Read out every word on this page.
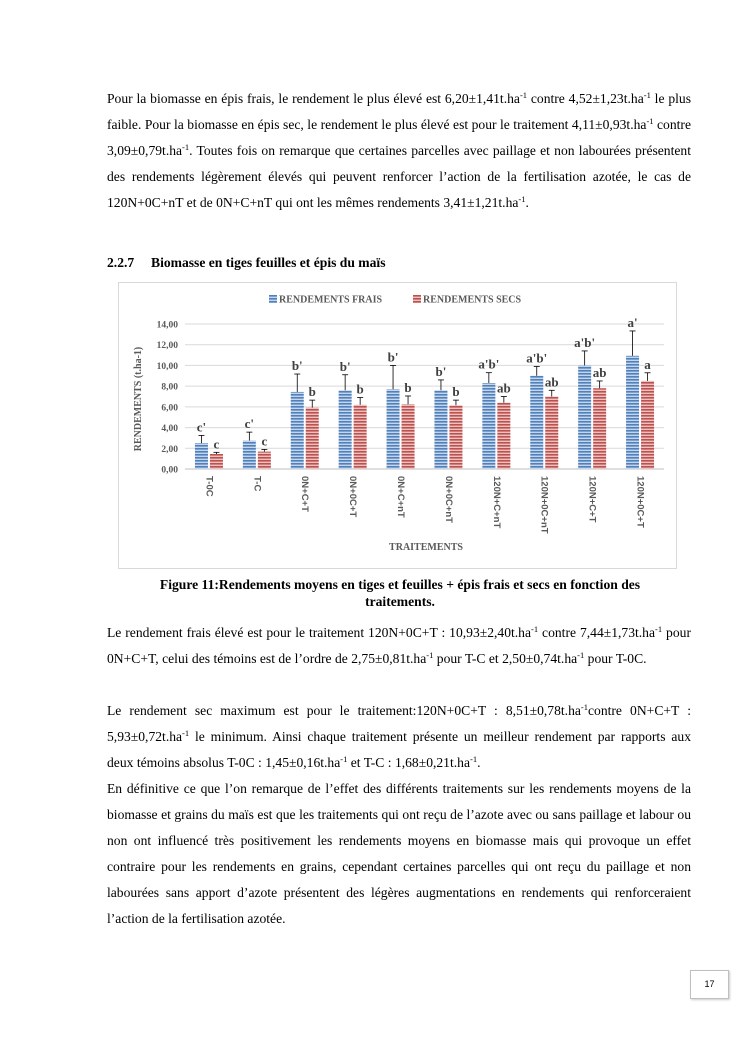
Pour la biomasse en épis frais, le rendement le plus élevé est $6,20\pm 1,41t.ha^{-1}$ contre $4,52\pm 1,23t.ha^{-1}$ le plus faible. Pour la biomasse en épis sec, le rendement le plus élevé est pour le traitement $4,11\pm 0,93t.ha^{-1}$ contre $3,09\pm 0,79t.ha^{-1}$. Toutes fois on remarque que certaines parcelles avec paillage et non labourées présentent des rendements légèrement élevés qui peuvent renforcer l’action de la fertilisation azotée, le cas de 120N+0C+nT et de 0N+C+nT qui ont les mêmes rendements $3,41\pm 1,21t.ha^{-1}$.

2.2.7 Biomasse en tiges feuilles et épis du maïs
RENDEMENTS FRAIS	RENDEMENTS SECS
0,00
2,00
4,00
6,00
8,00
10,00
12,00
14,00
c'
c
c'
c
b'
b
b'
b
b'
b
b'
b
a'b'
ab
a'b'
ab
a'b'
ab
a'
a
T-0C	T-C	0N+C+T	0N+0C+T	0N+C+nT	0N+0C+nT	120N+C+nT	120N+0C+nT	120N+C+T	120N+0C+T
RENDEMENTS (t.ha-1)
TRAITEMENTS
Figure 11:Rendements moyens en tiges et feuilles + épis frais et secs en fonction des
traitements.

Le rendement frais élevé est pour le traitement 120N+0C+T : $10,93\pm 2,40t.ha^{-1}$ contre $7,44\pm 1,73t.ha^{-1}$ pour 0N+C+T, celui des témoins est de l’ordre de $2,75\pm 0,81t.ha^{-1}$ pour T-C et $2,50\pm 0,74t.ha^{-1}$ pour T-0C.

Le rendement sec maximum est pour le traitement:120N+0C+T : $8,51\pm 0,78t.ha^{-1}contre$ 0N+C+T : $5,93\pm 0,72t.ha^{-1}$ le minimum. Ainsi chaque traitement présente un meilleur rendement par rapports aux deux témoins absolus T-0C : $1,45\pm 0,16t.ha^{-1}$ et T-C : $1,68\pm 0,21t.ha^{-1}$.

En définitive ce que l’on remarque de l’effet des différents traitements sur les rendements moyens de la biomasse et grains du maïs est que les traitements qui ont reçu de l’azote avec ou sans paillage et labour ou non ont influencé très positivement les rendements moyens en biomasse mais qui provoque un effet contraire pour les rendements en grains, cependant certaines parcelles qui ont reçu du paillage et non labourées sans apport d’azote présentent des légères augmentations en rendements qui renforceraient l’action de la fertilisation azotée.

17
